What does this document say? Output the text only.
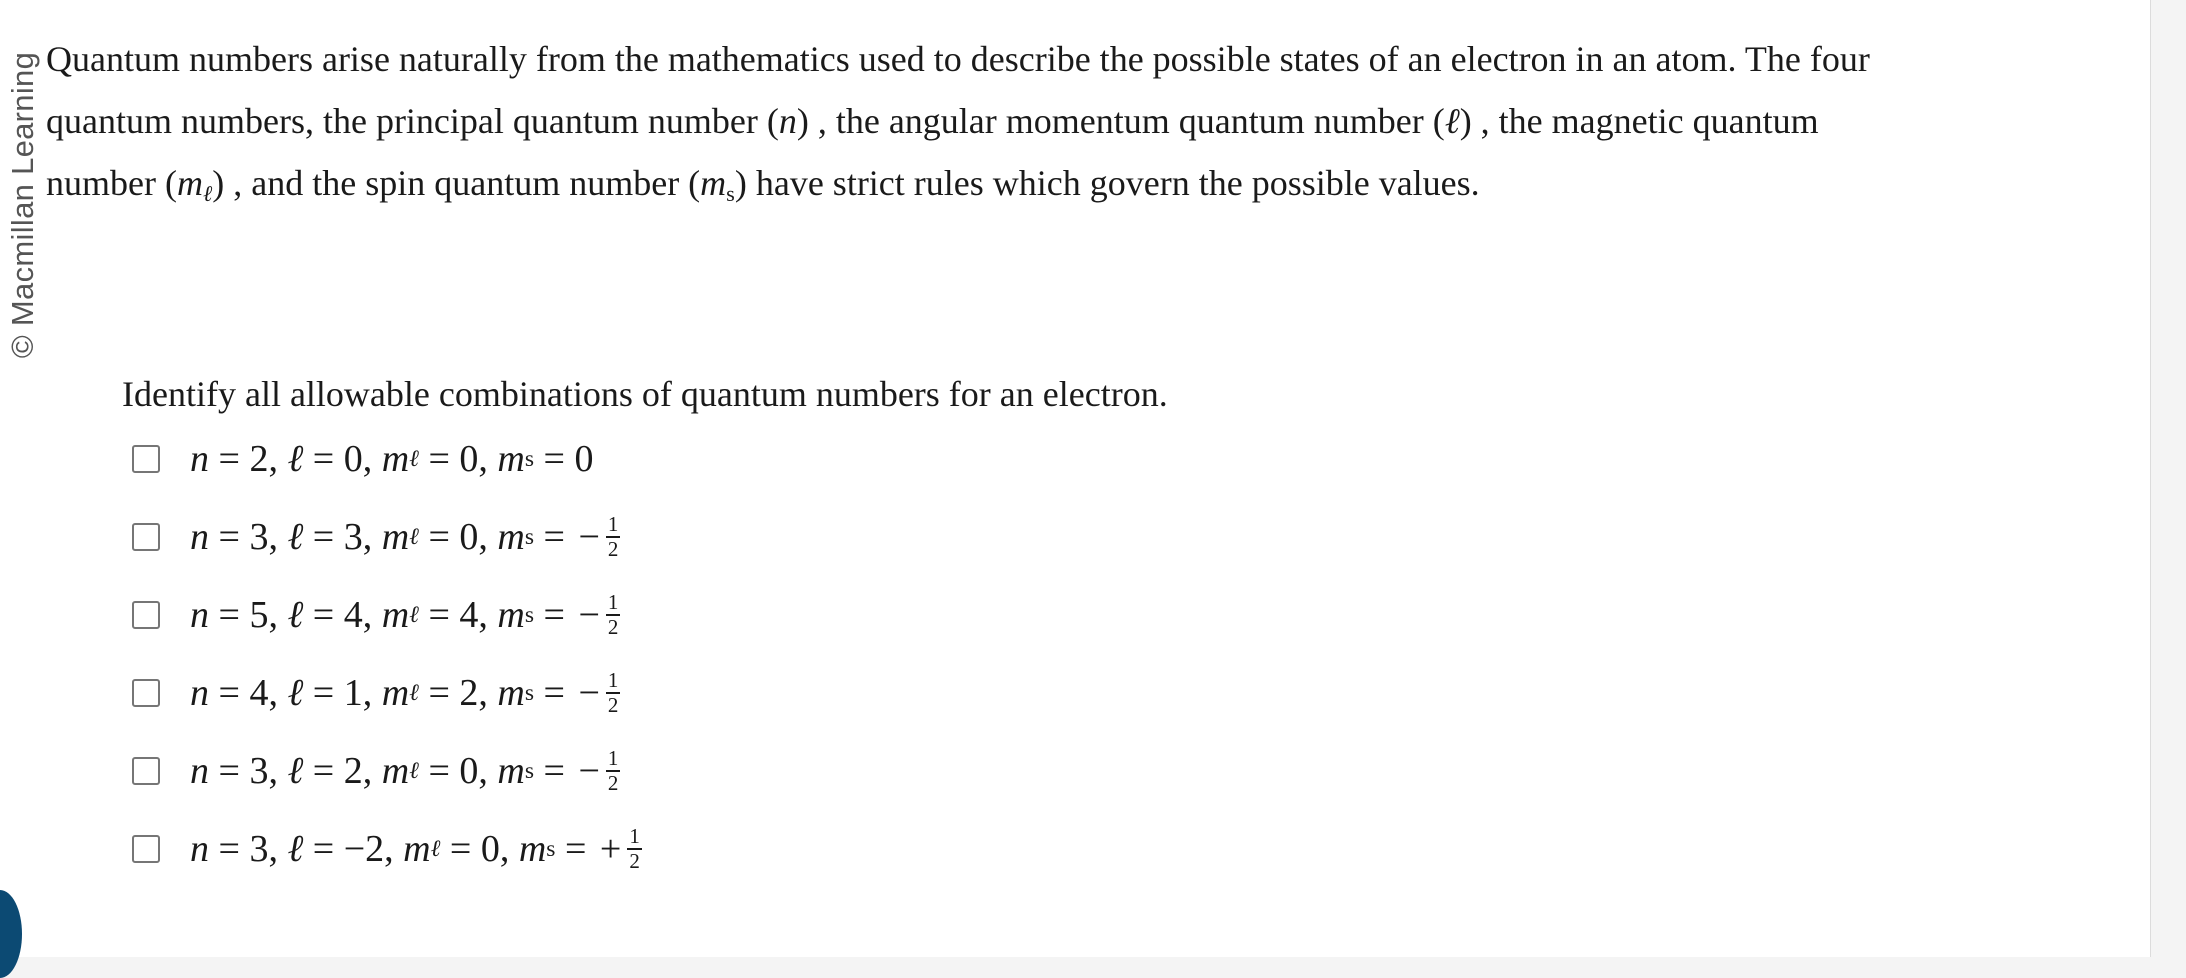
© Macmillan Learning Quantum numbers arise naturally from the mathematics used to describe the possible states of an electron in an atom. The four

quantum numbers, the principal quantum number (n) , the angular momentum quantum number (ℓ) , the magnetic quantum

number $(m_\ell)$ , and the spin quantum number $(m_s)$ have strict rules which govern the possible values.

Identify all allowable combinations of quantum numbers for an electron.
n = 2 , ℓ = 0 , m ℓ = 0 , m s = 0
n = 3 , ℓ = 3 , m ℓ = 0 , m s = − $\frac{1}{2}$
n = 5 , ℓ = 4 , m ℓ = 4 , m s = − $\frac{1}{2}$
n = 4 , ℓ = 1 , m ℓ = 2 , m s = − $\frac{1}{2}$
n = 3 , ℓ = 2 , m ℓ = 0 , m s = − $\frac{1}{2}$
n = 3 , ℓ = −2 , m ℓ = 0 , m s = + $\frac{1}{2}$
